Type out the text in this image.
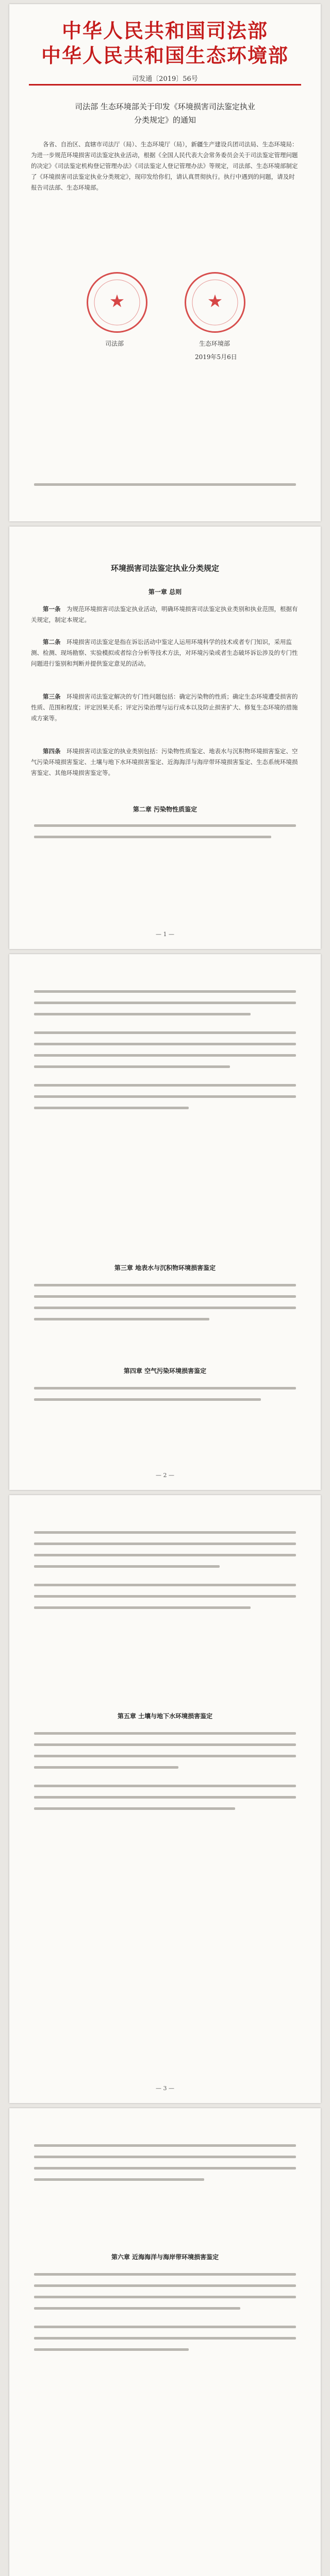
中华人民共和国司法部
中华人民共和国生态环境部
司发通〔2019〕56号
司法部 生态环境部关于印发《环境损害司法鉴定执业分类规定》的通知
各省、自治区、直辖市司法厅（局）、生态环境厅（局），新疆生产建设兵团司法局、生态环境局：为进一步规范环境损害司法鉴定执业活动，根据《全国人民代表大会常务委员会关于司法鉴定管理问题的决定》《司法鉴定机构登记管理办法》《司法鉴定人登记管理办法》等规定，司法部、生态环境部制定了《环境损害司法鉴定执业分类规定》，现印发给你们，请认真贯彻执行。执行中遇到的问题，请及时报告司法部、生态环境部。
★	★
司法部	生态环境部
2019年5月6日
环境损害司法鉴定执业分类规定
第一章 总则
第一条　 为规范环境损害司法鉴定执业活动，明确环境损害司法鉴定执业类别和执业范围，根据有关规定，制定本规定。
第二条　 环境损害司法鉴定是指在诉讼活动中鉴定人运用环境科学的技术或者专门知识，采用监测、检测、现场勘察、实验模拟或者综合分析等技术方法，对环境污染或者生态破坏诉讼涉及的专门性问题进行鉴别和判断并提供鉴定意见的活动。
第三条　 环境损害司法鉴定解决的专门性问题包括：确定污染物的性质；确定生态环境遭受损害的性质、范围和程度；评定因果关系；评定污染治理与运行成本以及防止损害扩大、修复生态环境的措施或方案等。
第四条　 环境损害司法鉴定的执业类别包括：污染物性质鉴定、地表水与沉积物环境损害鉴定、空气污染环境损害鉴定、土壤与地下水环境损害鉴定、近海海洋与海岸带环境损害鉴定、生态系统环境损害鉴定、其他环境损害鉴定等。
第二章 污染物性质鉴定
— 1 —
第三章 地表水与沉积物环境损害鉴定
第四章 空气污染环境损害鉴定
— 2 —
第五章 土壤与地下水环境损害鉴定
— 3 —
第六章 近海海洋与海岸带环境损害鉴定
